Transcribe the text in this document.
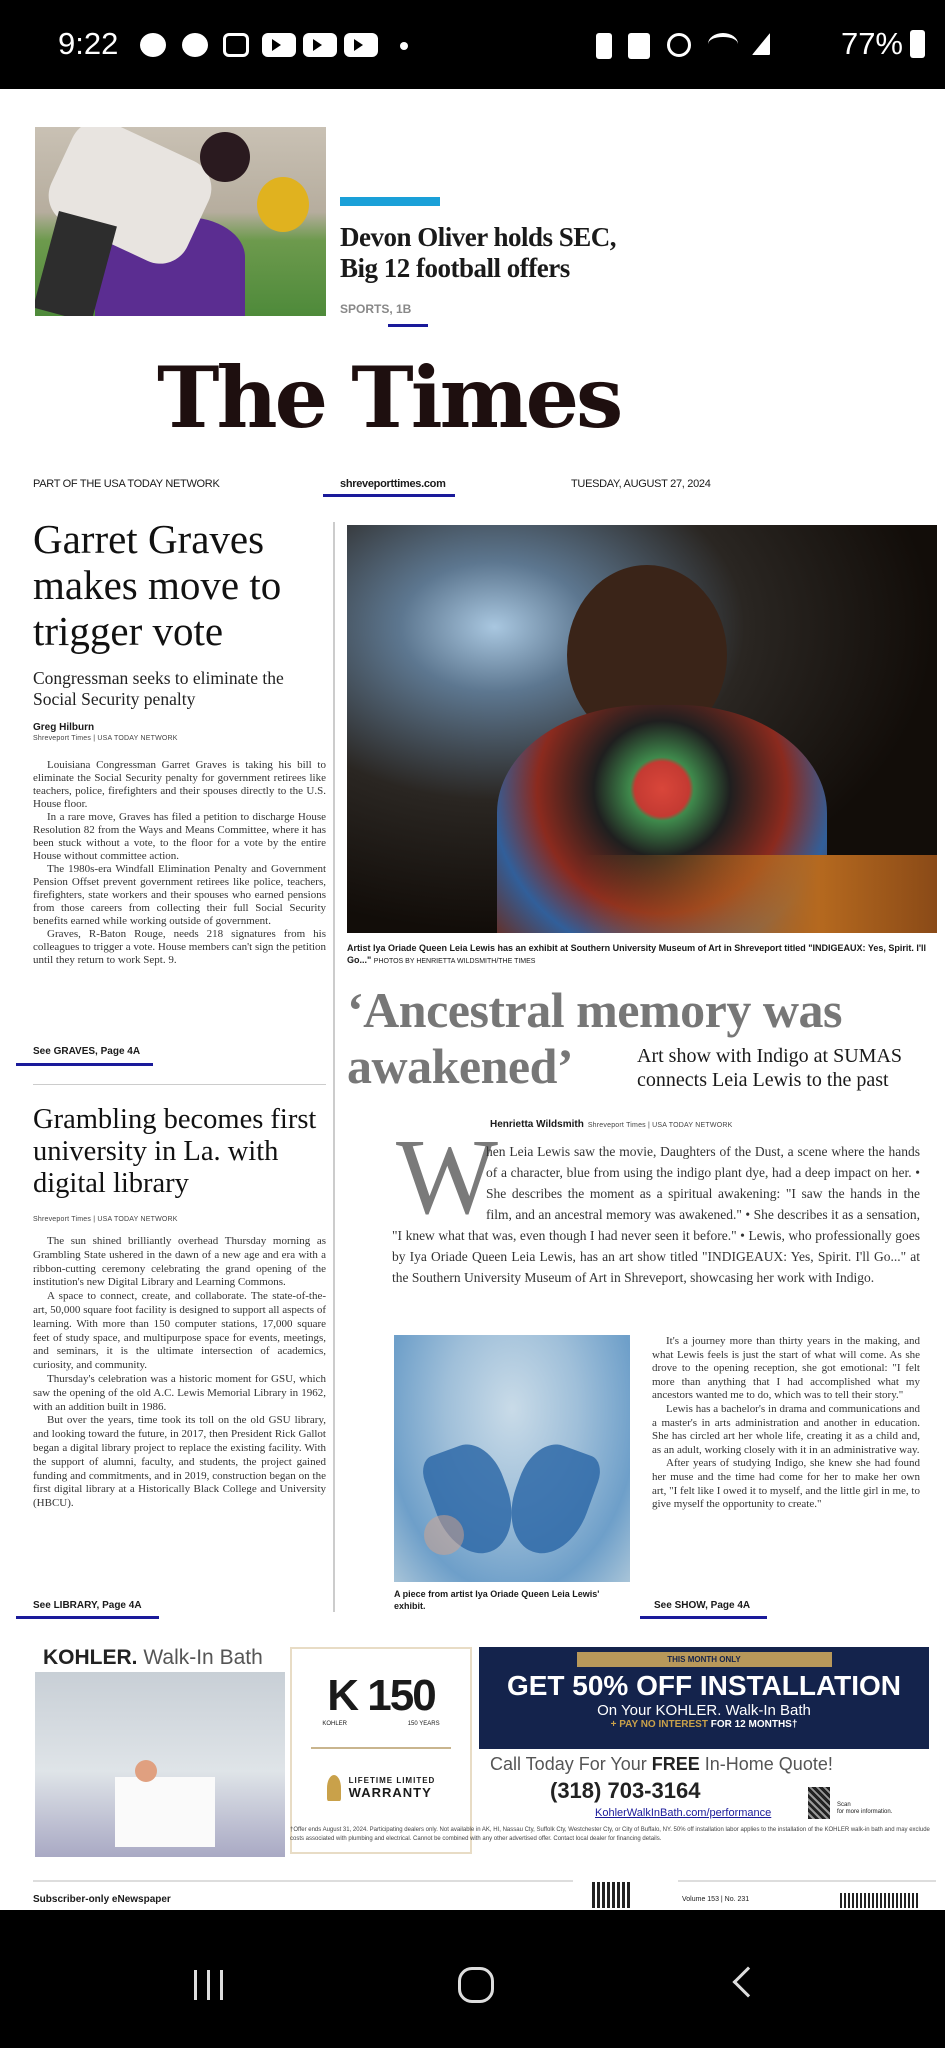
9:22	77%
Devon Oliver holds SEC,
Big 12 football offers
SPORTS, 1B
The Times
PART OF THE USA TODAY NETWORK	shreveporttimes.com	TUESDAY, AUGUST 27, 2024
Garret Graves makes move to trigger vote
Congressman seeks to eliminate the Social Security penalty
Greg Hilburn
Shreveport Times | USA TODAY NETWORK

Louisiana Congressman Garret Graves is taking his bill to eliminate the Social Security penalty for government retirees like teachers, police, firefighters and their spouses directly to the U.S. House floor.

In a rare move, Graves has filed a petition to discharge House Resolution 82 from the Ways and Means Committee, where it has been stuck without a vote, to the floor for a vote by the entire House without committee action.

The 1980s-era Windfall Elimination Penalty and Government Pension Offset prevent government retirees like police, teachers, firefighters, state workers and their spouses who earned pensions from those careers from collecting their full Social Security benefits earned while working outside of government.

Graves, R-Baton Rouge, needs 218 signatures from his colleagues to trigger a vote. House members can't sign the petition until they return to work Sept. 9.

See GRAVES, Page 4A
Grambling becomes first university in La. with digital library
Shreveport Times | USA TODAY NETWORK

The sun shined brilliantly overhead Thursday morning as Grambling State ushered in the dawn of a new age and era with a ribbon-cutting ceremony celebrating the grand opening of the institution's new Digital Library and Learning Commons.

A space to connect, create, and collaborate. The state-of-the-art, 50,000 square foot facility is designed to support all aspects of learning. With more than 150 computer stations, 17,000 square feet of study space, and multipurpose space for events, meetings, and seminars, it is the ultimate intersection of academics, curiosity, and community.

Thursday's celebration was a historic moment for GSU, which saw the opening of the old A.C. Lewis Memorial Library in 1962, with an addition built in 1986.

But over the years, time took its toll on the old GSU library, and looking toward the future, in 2017, then President Rick Gallot began a digital library project to replace the existing facility. With the support of alumni, faculty, and students, the project gained funding and commitments, and in 2019, construction began on the first digital library at a Historically Black College and University (HBCU).

See LIBRARY, Page 4A
Artist Iya Oriade Queen Leia Lewis has an exhibit at Southern University Museum of Art in Shreveport titled "INDIGEAUX: Yes, Spirit. I'll Go..." PHOTOS BY HENRIETTA WILDSMITH/THE TIMES
‘Ancestral memory was
awakened’	Art show with Indigo at SUMAS connects Leia Lewis to the past
Henrietta Wildsmith Shreveport Times | USA TODAY NETWORK
W

hen Leia Lewis saw the movie, Daughters of the Dust, a scene where the hands of a character, blue from using the indigo plant dye, had a deep impact on her. • She describes the moment as a spiritual awakening: "I saw the hands in the film, and an ancestral memory was awakened." • She describes it as a sensation, "I knew what that was, even though I had never seen it before." • Lewis, who professionally goes by Iya Oriade Queen Leia Lewis, has an art show titled "INDIGEAUX: Yes, Spirit. I'll Go..." at the Southern University Museum of Art in Shreveport, showcasing her work with Indigo.

A piece from artist Iya Oriade Queen Leia Lewis' exhibit.

It's a journey more than thirty years in the making, and what Lewis feels is just the start of what will come. As she drove to the opening reception, she got emotional: "I felt more than anything that I had accomplished what my ancestors wanted me to do, which was to tell their story."

Lewis has a bachelor's in drama and communications and a master's in arts administration and another in education. She has circled art her whole life, creating it as a child and, as an adult, working closely with it in an administrative way.

After years of studying Indigo, she knew she had found her muse and the time had come for her to make her own art, "I felt like I owed it to myself, and the little girl in me, to give myself the opportunity to create."

See SHOW, Page 4A
KOHLER. Walk-In Bath
K 150
KOHLER	150 YEARS
LIFETIME LIMITED
WARRANTY
THIS MONTH ONLY
GET 50% OFF INSTALLATION
On Your KOHLER. Walk-In Bath
+ PAY NO INTEREST FOR 12 MONTHS†
Call Today For Your FREE In-Home Quote!
(318) 703-3164
KohlerWalkInBath.com/performance
Scan
for more information.
†Offer ends August 31, 2024. Participating dealers only. Not available in AK, HI, Nassau Cty, Suffolk Cty, Westchester Cty, or City of Buffalo, NY. 50% off installation labor applies to the installation of the KOHLER walk-in bath and may exclude costs associated with plumbing and electrical. Cannot be combined with any other advertised offer. Contact local dealer for financing details.
Subscriber-only eNewspaper	Volume 153 | No. 231
